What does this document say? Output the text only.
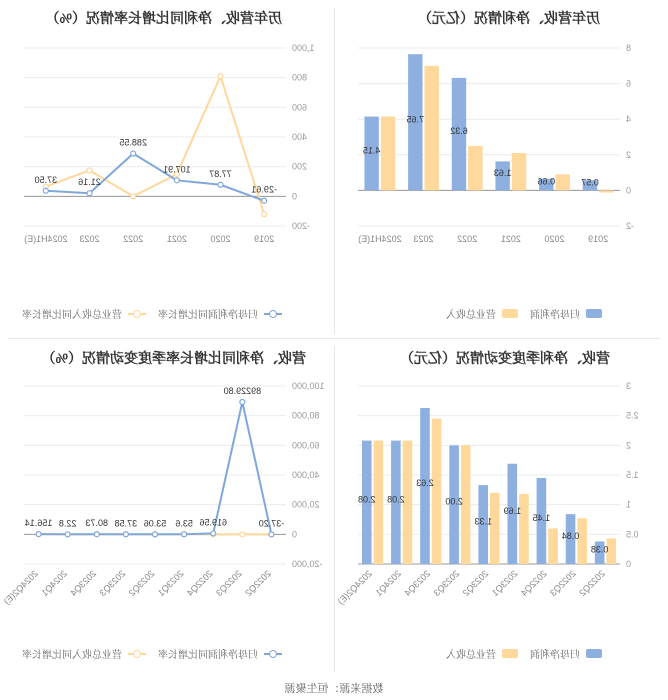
历年营收、净利情况（亿元）
-2
0
2
4
6
8
2019
2020
2021
2022
2023
2024H1(E)
0.57
0.66
1.63
6.32
7.65
4.15
归母净利润
营业总收入
历年营收、净利同比增长率情况（%）
-200
0
200
400
600
800
1,000
2019
2020
2021
2022
2023
2024H1(E)
-29.61
77.87
107.91
288.55
21.16
37.50
归母净利润同比增长率
营业总收入同比增长率
营收、净利季度变动情况（亿元）
0
0.5
1
1.5
2
2.5
3
2022Q2
2022Q3
2022Q4
2023Q1
2023Q2
2023Q3
2023Q4
2024Q1
2024Q2(E)
0.38
0.84
1.45
1.69
1.33
2.00
2.63
2.08
2.08
归母净利润
营业总收入
营收、净利同比增长率季度变动情况（%）
-20,000
0
20,000
40,000
60,000
80,000
100,000
2022Q2
2022Q3
2022Q4
2023Q1
2023Q2
2023Q3
2023Q4
2024Q1
2024Q2(E)
-37.20
89229.80
619.56
53.6
53.06
37.58
80.73
22.8
156.14
归母净利润同比增长率
营业总收入同比增长率
数据来源：恒生聚源
